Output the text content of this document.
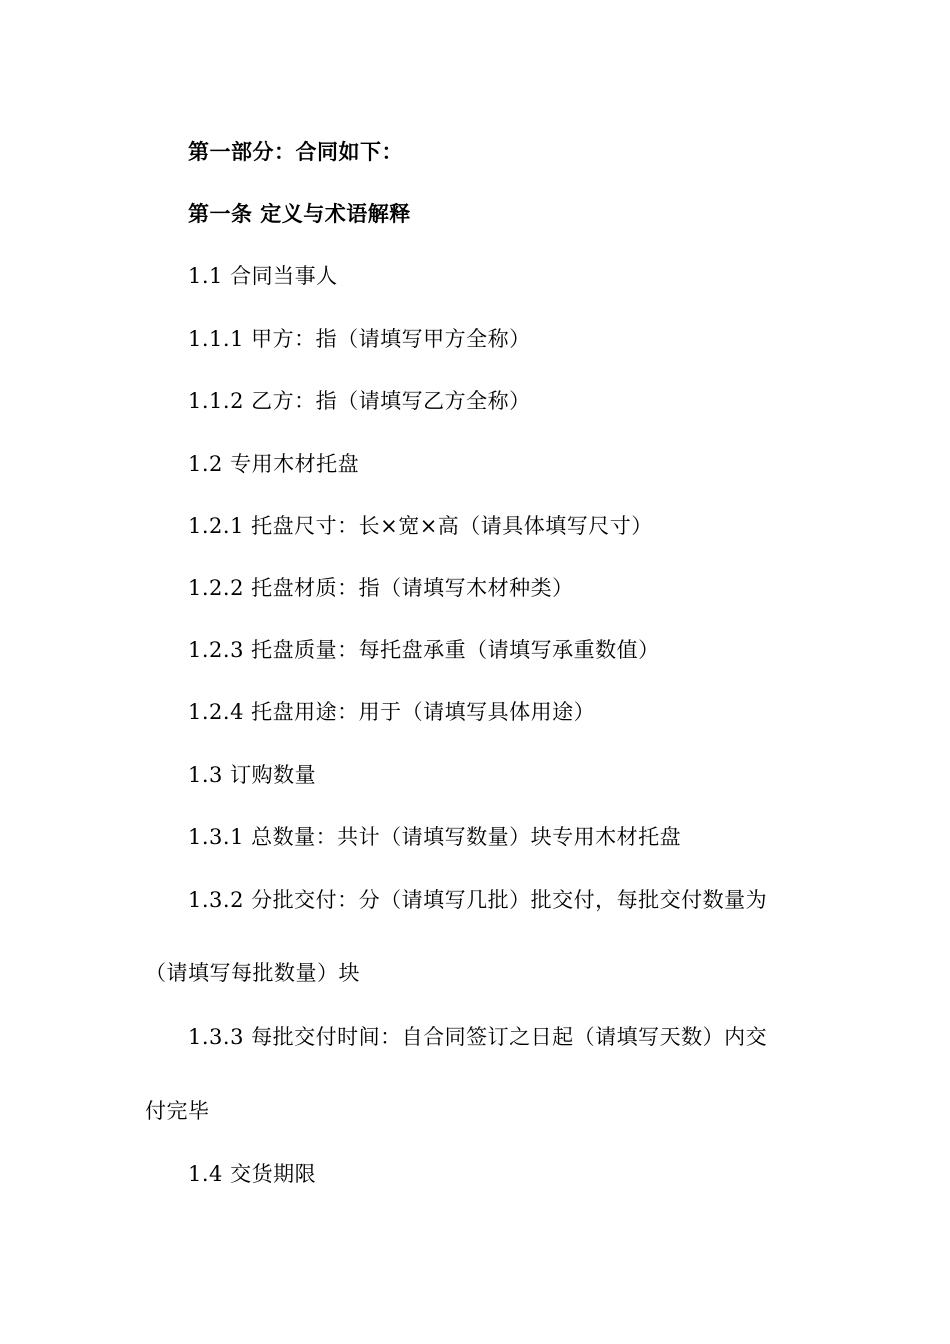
第一部分：合同如下：
第一条 定义与术语解释
1.1 合同当事人
1.1.1 甲方：指（请填写甲方全称）
1.1.2 乙方：指（请填写乙方全称）
1.2 专用木材托盘
1.2.1 托盘尺寸：长×宽×高（请具体填写尺寸）
1.2.2 托盘材质：指（请填写木材种类）
1.2.3 托盘质量：每托盘承重（请填写承重数值）
1.2.4 托盘用途：用于（请填写具体用途）
1.3 订购数量
1.3.1 总数量：共计（请填写数量）块专用木材托盘
1.3.2 分批交付：分（请填写几批）批交付，每批交付数量为
（请填写每批数量）块
1.3.3 每批交付时间：自合同签订之日起（请填写天数）内交
付完毕
1.4 交货期限
